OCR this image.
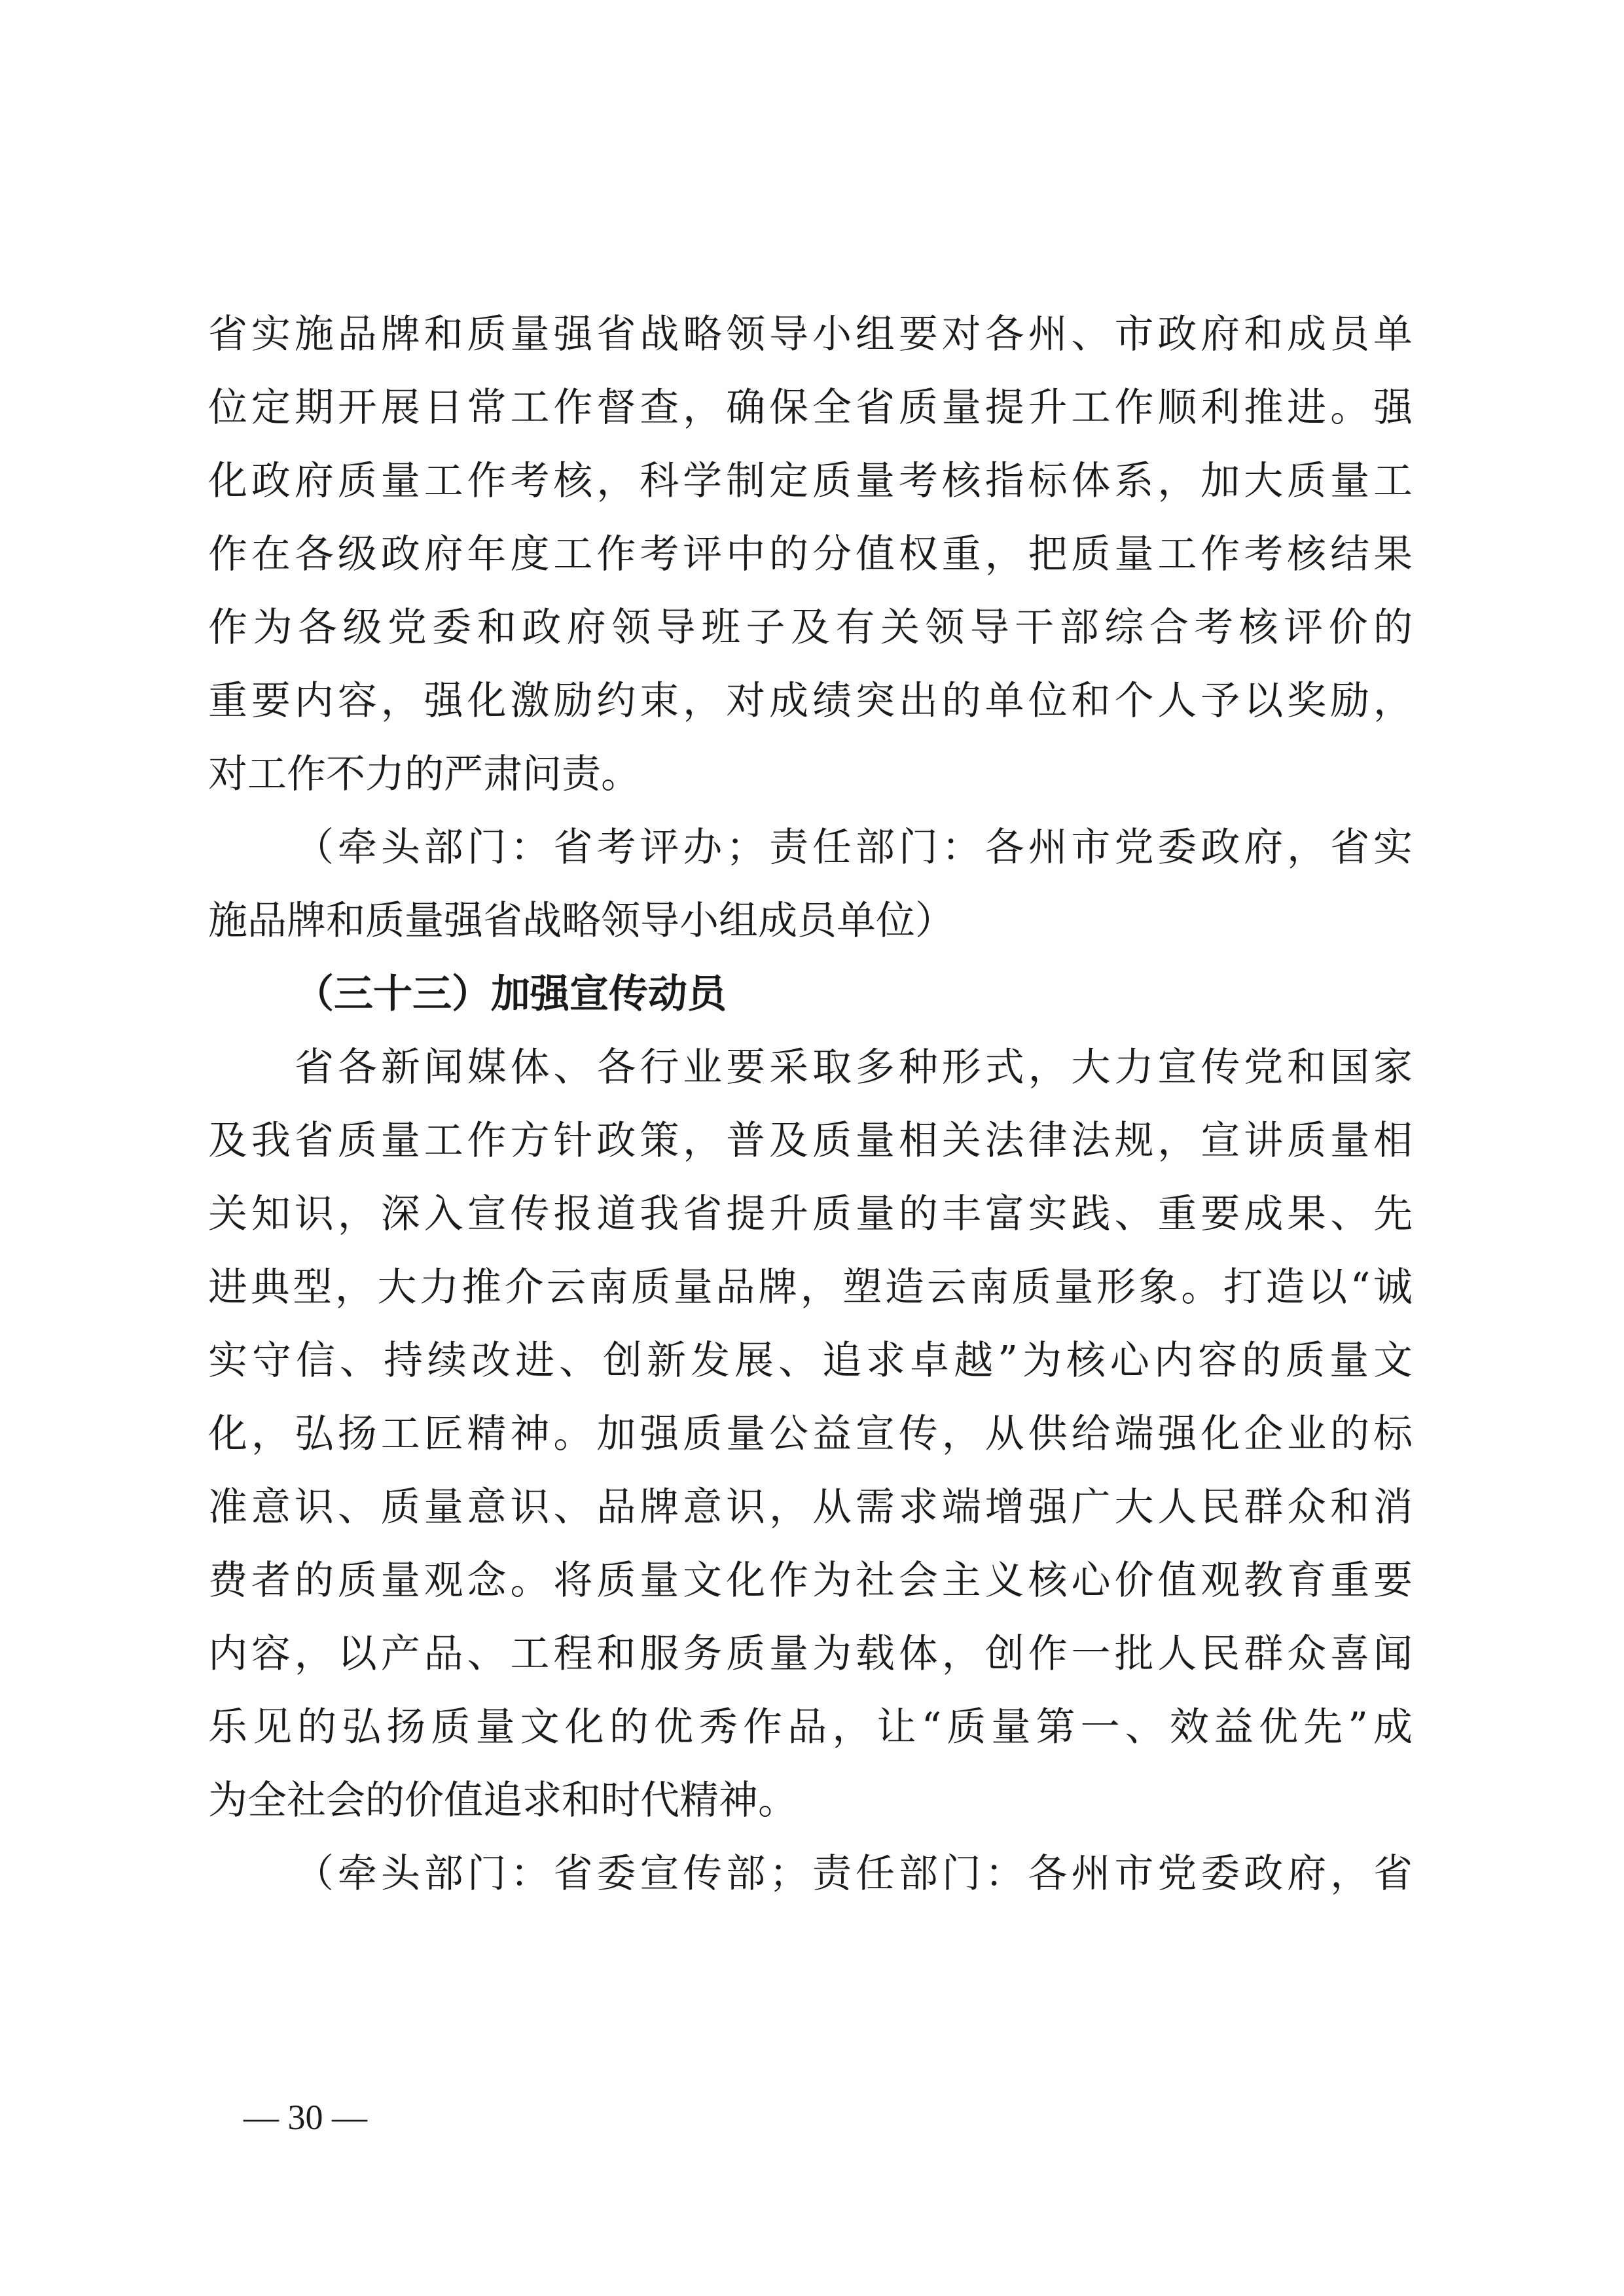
省实施品牌和质量强省战略领导小组要对各州、市政府和成员单
位定期开展日常工作督查，确保全省质量提升工作顺利推进。强
化政府质量工作考核，科学制定质量考核指标体系，加大质量工
作在各级政府年度工作考评中的分值权重，把质量工作考核结果
作为各级党委和政府领导班子及有关领导干部综合考核评价的
重要内容，强化激励约束，对成绩突出的单位和个人予以奖励，
对工作不力的严肃问责。
（牵头部门：省考评办；责任部门：各州市党委政府，省实
施品牌和质量强省战略领导小组成员单位）
（三十三）加强宣传动员
省各新闻媒体、各行业要采取多种形式，大力宣传党和国家
及我省质量工作方针政策，普及质量相关法律法规，宣讲质量相
关知识，深入宣传报道我省提升质量的丰富实践、重要成果、先
进典型，大力推介云南质量品牌，塑造云南质量形象。打造以“诚
实守信、持续改进、创新发展、追求卓越”为核心内容的质量文
化，弘扬工匠精神。加强质量公益宣传，从供给端强化企业的标
准意识、质量意识、品牌意识，从需求端增强广大人民群众和消
费者的质量观念。将质量文化作为社会主义核心价值观教育重要
内容，以产品、工程和服务质量为载体，创作一批人民群众喜闻
乐见的弘扬质量文化的优秀作品，让“质量第一、效益优先”成
为全社会的价值追求和时代精神。
（牵头部门：省委宣传部；责任部门：各州市党委政府，省
— 30 —
